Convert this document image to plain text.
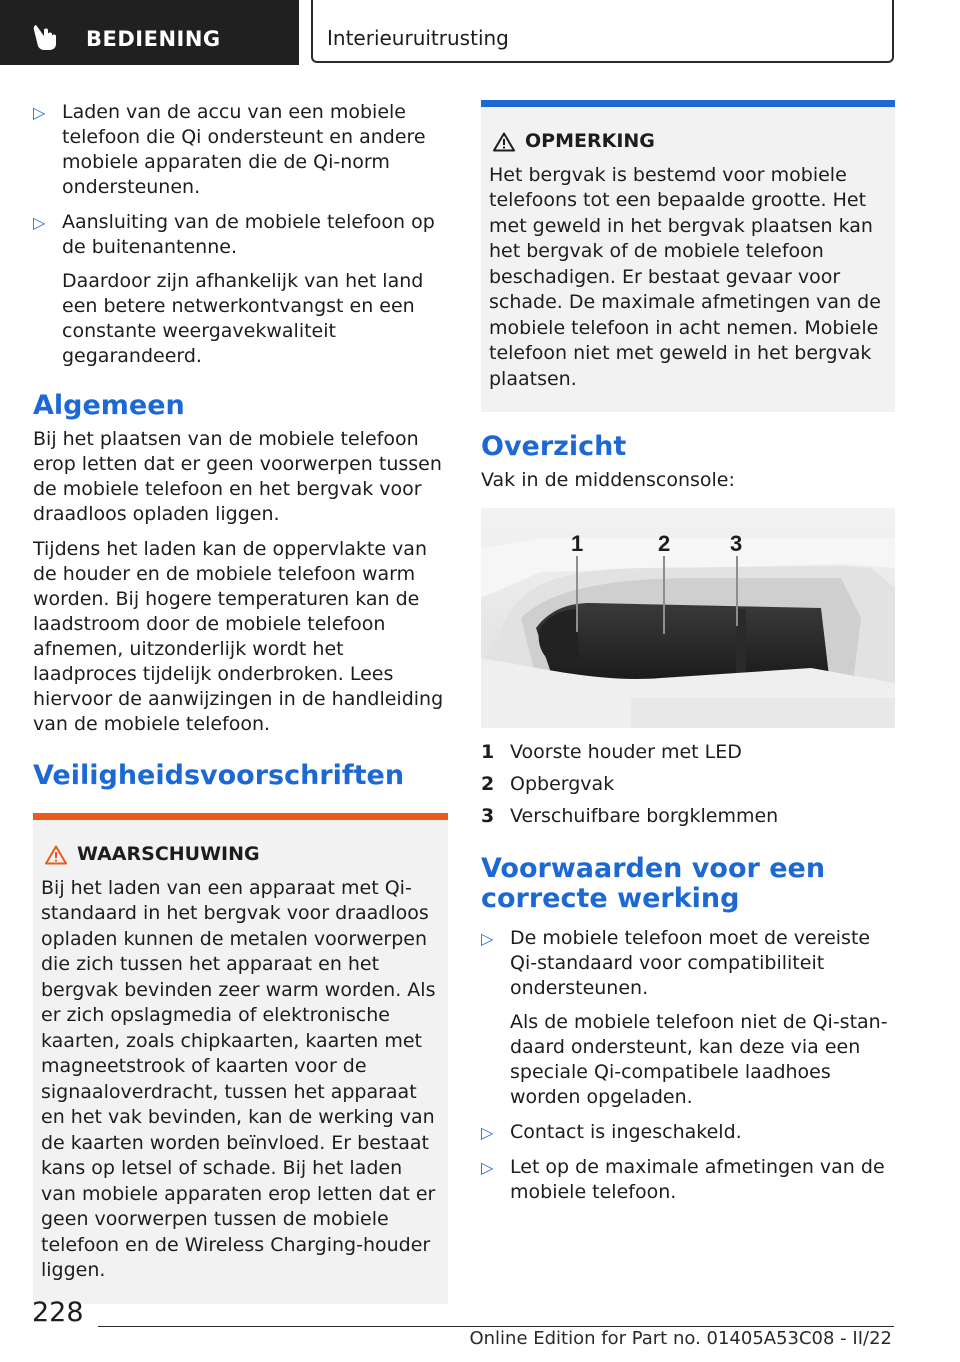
BEDIENING	Interieuruitrusting
▷ Laden van de accu van een mobiele telefoon die Qi ondersteunt en andere mobiele apparaten die de Qi-norm ondersteunen.

▷ Aansluiting van de mobiele telefoon op de buitenantenne.

Daardoor zijn afhankelijk van het land een betere netwerkontvangst en een constante weergavekwaliteit gegarandeerd.

Algemeen

Bij het plaatsen van de mobiele telefoon erop letten dat er geen voorwerpen tussen de mobiele telefoon en het bergvak voor draadloos opladen liggen.

Tijdens het laden kan de oppervlakte van de houder en de mobiele telefoon warm worden. Bij hogere temperaturen kan de laadstroom door de mobiele telefoon afnemen, uitzonderlijk wordt het laadproces tijdelijk onderbroken. Lees hiervoor de aanwijzingen in de handleiding van de mobiele telefoon.

Veiligheidsvoorschriften
WAARSCHUWING
Bij het laden van een apparaat met Qi-standaard in het bergvak voor draadloos opladen kunnen de metalen voorwerpen die zich tussen het apparaat en het bergvak bevinden zeer warm worden. Als er zich opslagmedia of elektronische kaarten, zoals chipkaarten, kaarten met magneetstrook of kaarten voor de signaaloverdracht, tussen het apparaat en het vak bevinden, kan de werking van de kaarten worden beïnvloed. Er bestaat kans op letsel of schade. Bij het laden van mobiele apparaten erop letten dat er geen voorwerpen tussen de mobiele telefoon en de Wireless Charging-houder liggen.
OPMERKING
Het bergvak is bestemd voor mobiele telefoons tot een bepaalde grootte. Het met geweld in het bergvak plaatsen kan het bergvak of de mobiele telefoon beschadigen. Er bestaat gevaar voor schade. De maximale afmetingen van de mobiele telefoon in acht nemen. Mobiele telefoon niet met geweld in het bergvak plaatsen.
Overzicht

Vak in de middensconsole:

1	2	3
1 Voorste houder met LED
2 Opbergvak
3 Verschuifbare borgklemmen
Voorwaarden voor een correcte werking
▷ De mobiele telefoon moet de vereiste Qi-standaard voor compatibiliteit ondersteunen.

Als de mobiele telefoon niet de Qi-standaard ondersteunt, kan deze via een speciale Qi-compatibele laadhoes worden opgeladen.

▷ Contact is ingeschakeld.

▷ Let op de maximale afmetingen van de mobiele telefoon.

228
Online Edition for Part no. 01405A53C08 - II/22
